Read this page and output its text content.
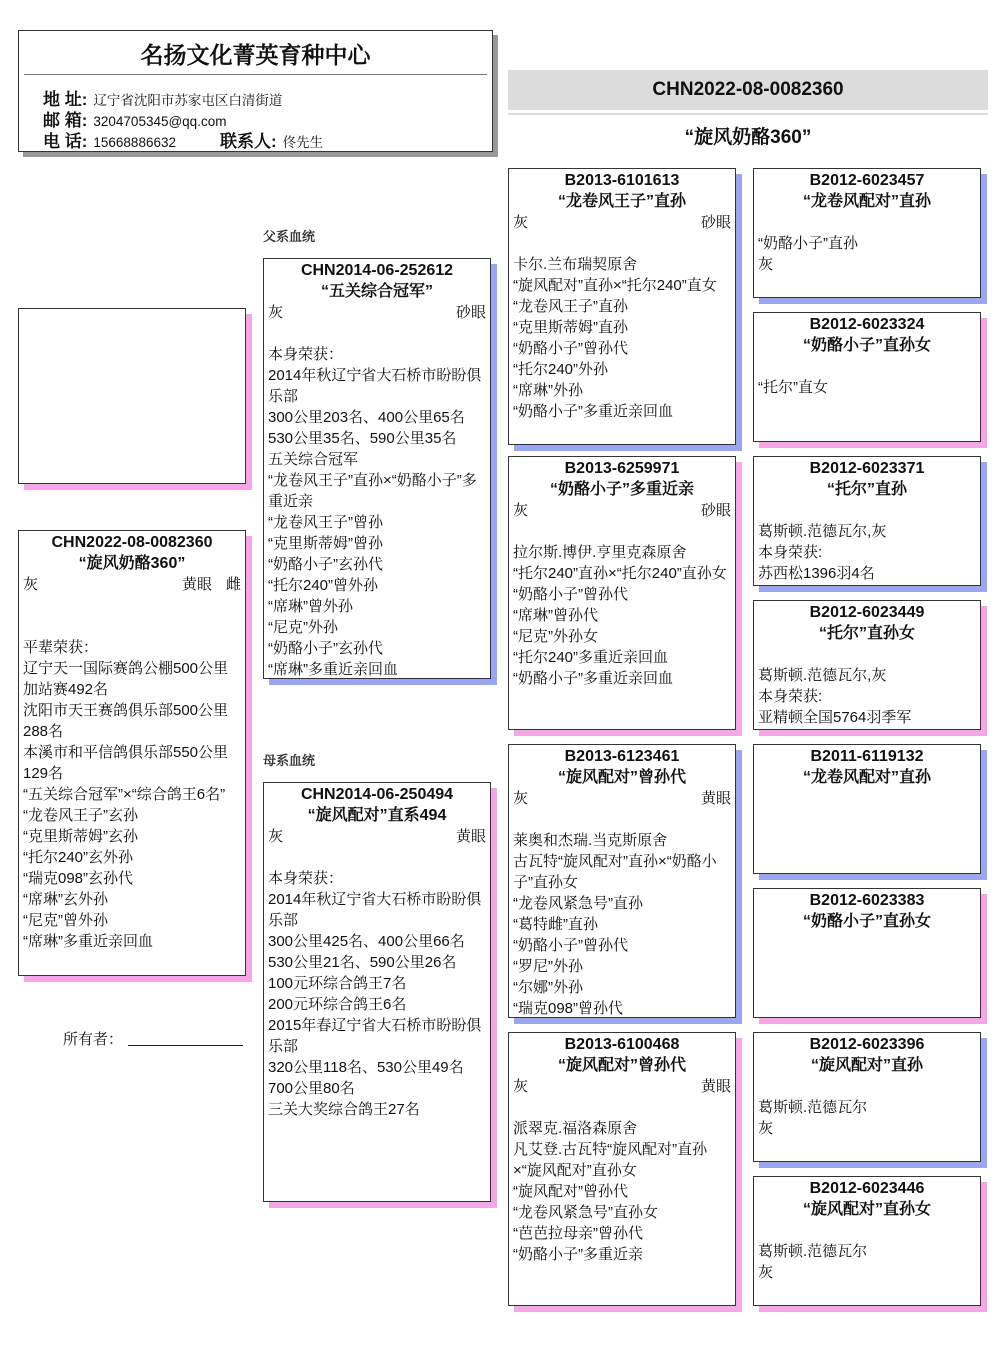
名扬文化菁英育种中心
地 址: 辽宁省沈阳市苏家屯区白清街道
邮 箱: 3204705345@qq.com
电 话: 15668886632	联系人: 佟先生
CHN2022-08-0082360
“旋风奶酪360”
父系血统
母系血统
CHN2022-08-0082360
“旋风奶酪360”
灰	黄眼 雌
平辈荣获：
辽宁天一国际赛鸽公棚500公里加站赛492名
沈阳市天王赛鸽俱乐部500公里288名
本溪市和平信鸽俱乐部550公里129名
“五关综合冠军”×“综合鸽王6名”
“龙卷风王子”玄孙
“克里斯蒂姆”玄孙
“托尔240”玄外孙
“瑞克098”玄孙代
“席琳”玄外孙
“尼克”曾外孙
“席琳”多重近亲回血
CHN2014-06-252612
“五关综合冠军”
灰	砂眼
本身荣获：
2014年秋辽宁省大石桥市盼盼俱乐部
300公里203名、400公里65名
530公里35名、590公里35名
五关综合冠军
“龙卷风王子”直孙×“奶酪小子”多重近亲
“龙卷风王子”曾孙
“克里斯蒂姆”曾孙
“奶酪小子”玄孙代
“托尔240”曾外孙
“席琳”曾外孙
“尼克”外孙
“奶酪小子”玄孙代
“席琳”多重近亲回血
CHN2014-06-250494
“旋风配对”直系494
灰	黄眼
本身荣获：
2014年秋辽宁省大石桥市盼盼俱乐部
300公里425名、400公里66名
530公里21名、590公里26名
100元环综合鸽王7名
200元环综合鸽王6名
2015年春辽宁省大石桥市盼盼俱乐部
320公里118名、530公里49名
700公里80名
三关大奖综合鸽王27名
B2013-6101613
“龙卷风王子”直孙
灰	砂眼
卡尔.兰布瑞契原舍
“旋风配对”直孙×“托尔240”直女
“龙卷风王子”直孙
“克里斯蒂姆”直孙
“奶酪小子”曾孙代
“托尔240”外孙
“席琳”外孙
“奶酪小子”多重近亲回血
B2013-6259971
“奶酪小子”多重近亲
灰	砂眼
拉尔斯.博伊.亨里克森原舍
“托尔240”直孙×“托尔240”直孙女
“奶酪小子”曾孙代
“席琳”曾孙代
“尼克”外孙女
“托尔240”多重近亲回血
“奶酪小子”多重近亲回血
B2013-6123461
“旋风配对”曾孙代
灰	黄眼
莱奥和杰瑞.当克斯原舍
古瓦特“旋风配对”直孙×“奶酪小子”直孙女
“龙卷风紧急号”直孙
“葛特雌”直孙
“奶酪小子”曾孙代
“罗尼”外孙
“尔娜”外孙
“瑞克098”曾孙代
B2013-6100468
“旋风配对”曾孙代
灰	黄眼
派翠克.福洛森原舍
凡艾登.古瓦特“旋风配对”直孙×“旋风配对”直孙女
“旋风配对”曾孙代
“龙卷风紧急号”直孙女
“芭芭拉母亲”曾孙代
“奶酪小子”多重近亲
B2012-6023457
“龙卷风配对”直孙
“奶酪小子”直孙
灰
B2012-6023324
“奶酪小子”直孙女
“托尔”直女
B2012-6023371
“托尔”直孙
葛斯顿.范德瓦尔,灰
本身荣获:
苏西松1396羽4名
B2012-6023449
“托尔”直孙女
葛斯顿.范德瓦尔,灰
本身荣获:
亚精顿全国5764羽季军
B2011-6119132
“龙卷风配对”直孙
B2012-6023383
“奶酪小子”直孙女
B2012-6023396
“旋风配对”直孙
葛斯顿.范德瓦尔
灰
B2012-6023446
“旋风配对”直孙女
葛斯顿.范德瓦尔
灰
所有者：
